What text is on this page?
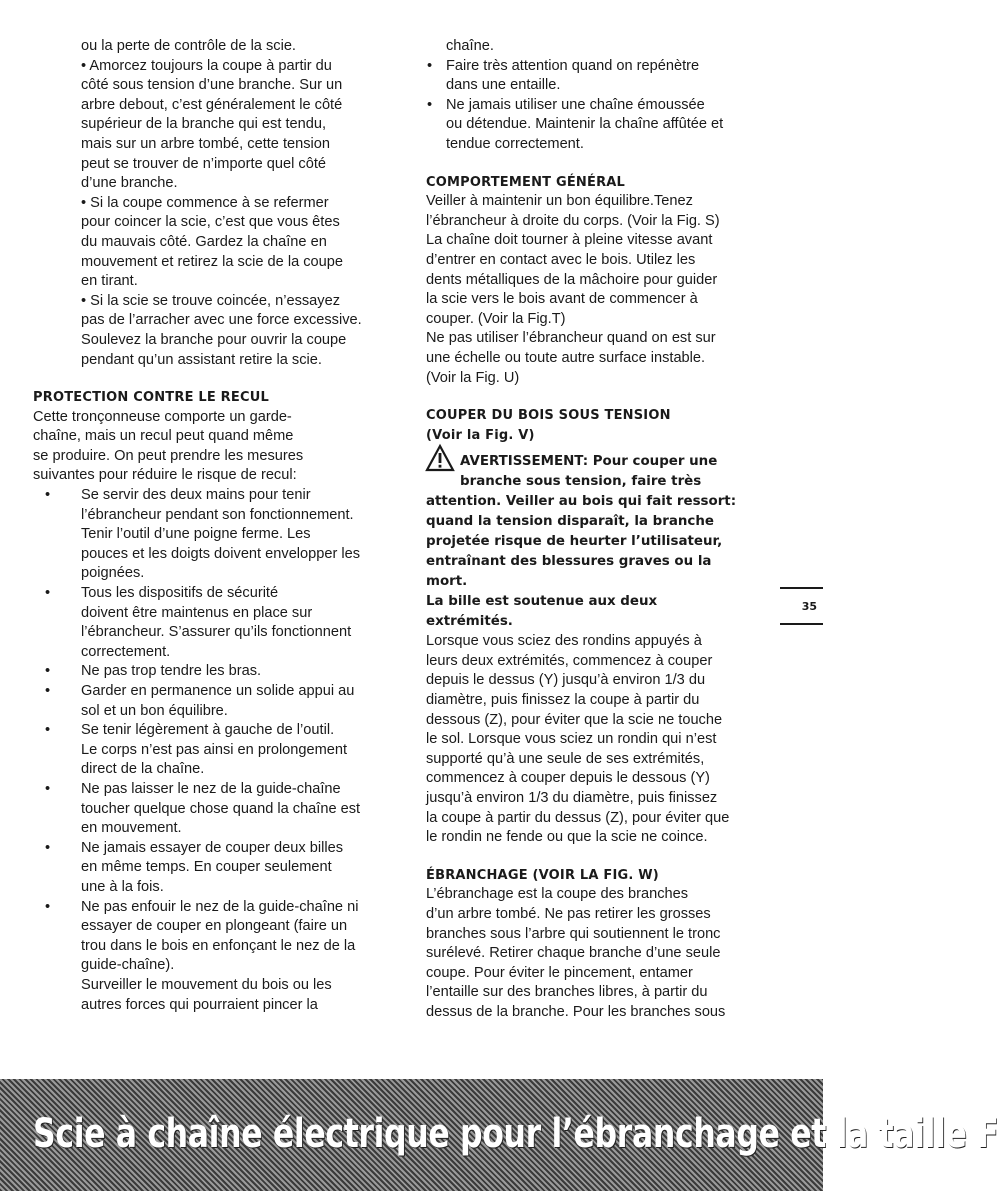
ou la perte de contrôle de la scie.

• Amorcez toujours la coupe à partir du

côté sous tension d’une branche. Sur un

arbre debout, c’est généralement le côté

supérieur de la branche qui est tendu,

mais sur un arbre tombé, cette tension

peut se trouver de n’importe quel côté

d’une branche.

• Si la coupe commence à se refermer

pour coincer la scie, c’est que vous êtes

du mauvais côté. Gardez la chaîne en

mouvement et retirez la scie de la coupe

en tirant.

• Si la scie se trouve coincée, n’essayez

pas de l’arracher avec une force excessive.

Soulevez la branche pour ouvrir la coupe

pendant qu’un assistant retire la scie.

PROTECTION CONTRE LE RECUL

Cette tronçonneuse comporte un garde-

chaîne, mais un recul peut quand même

se produire. On peut prendre les mesures

suivantes pour réduire le risque de recul:

• Se servir des deux mains pour tenir

l’ébrancheur pendant son fonctionnement.

Tenir l’outil d’une poigne ferme. Les

pouces et les doigts doivent envelopper les

poignées.

• Tous les dispositifs de sécurité

doivent être maintenus en place sur

l’ébrancheur. S’assurer qu’ils fonctionnent

correctement.

• Ne pas trop tendre les bras.

• Garder en permanence un solide appui au

sol et un bon équilibre.

• Se tenir légèrement à gauche de l’outil.

Le corps n’est pas ainsi en prolongement

direct de la chaîne.

• Ne pas laisser le nez de la guide-chaîne

toucher quelque chose quand la chaîne est

en mouvement.

• Ne jamais essayer de couper deux billes

en même temps. En couper seulement

une à la fois.

• Ne pas enfouir le nez de la guide-chaîne ni

essayer de couper en plongeant (faire un

trou dans le bois en enfonçant le nez de la

guide-chaîne).

Surveiller le mouvement du bois ou les

autres forces qui pourraient pincer la

chaîne.

• Faire très attention quand on repénètre

dans une entaille.

• Ne jamais utiliser une chaîne émoussée

ou détendue. Maintenir la chaîne affûtée et

tendue correctement.

COMPORTEMENT GÉNÉRAL

Veiller à maintenir un bon équilibre.Tenez

l’ébrancheur à droite du corps. (Voir la Fig. S)

La chaîne doit tourner à pleine vitesse avant

d’entrer en contact avec le bois. Utilez les

dents métalliques de la mâchoire pour guider

la scie vers le bois avant de commencer à

couper. (Voir la Fig.T)

Ne pas utiliser l’ébrancheur quand on est sur

une échelle ou toute autre surface instable.

(Voir la Fig. U)

COUPER DU BOIS SOUS TENSION

(Voir la Fig. V)

AVERTISSEMENT: Pour couper une

branche sous tension, faire très

attention. Veiller au bois qui fait ressort:

quand la tension disparaît, la branche

projetée risque de heurter l’utilisateur,

entraînant des blessures graves ou la

mort.

La bille est soutenue aux deux

extrémités.

Lorsque vous sciez des rondins appuyés à

leurs deux extrémités, commencez à couper

depuis le dessus (Y) jusqu’à environ 1/3 du

diamètre, puis finissez la coupe à partir du

dessous (Z), pour éviter que la scie ne touche

le sol. Lorsque vous sciez un rondin qui n’est

supporté qu’à une seule de ses extrémités,

commencez à couper depuis le dessous (Y)

jusqu’à environ 1/3 du diamètre, puis finissez

la coupe à partir du dessus (Z), pour éviter que

le rondin ne fende ou que la scie ne coince.

ÉBRANCHAGE (VOIR LA FIG. W)

L’ébranchage est la coupe des branches

d’un arbre tombé. Ne pas retirer les grosses

branches sous l’arbre qui soutiennent le tronc

surélevé. Retirer chaque branche d’une seule

coupe. Pour éviter le pincement, entamer

l’entaille sur des branches libres, à partir du

dessus de la branche. Pour les branches sous

35
Scie à chaîne électrique pour l’ébranchage et la taille F
